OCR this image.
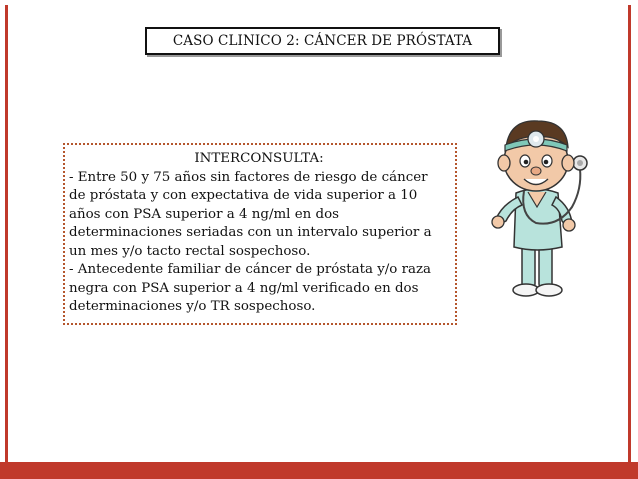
CASO CLINICO 2: CÁNCER DE PRÓSTATA
INTERCONSULTA:
- Entre 50 y 75 años sin factores de riesgo de cáncer
de próstata y con expectativa de vida superior a 10
años con PSA superior a 4 ng/ml en dos
determinaciones seriadas con un intervalo superior a
un mes y/o tacto rectal sospechoso.
- Antecedente familiar de cáncer de próstata y/o raza
negra con PSA superior a 4 ng/ml verificado en dos
determinaciones y/o TR sospechoso.
